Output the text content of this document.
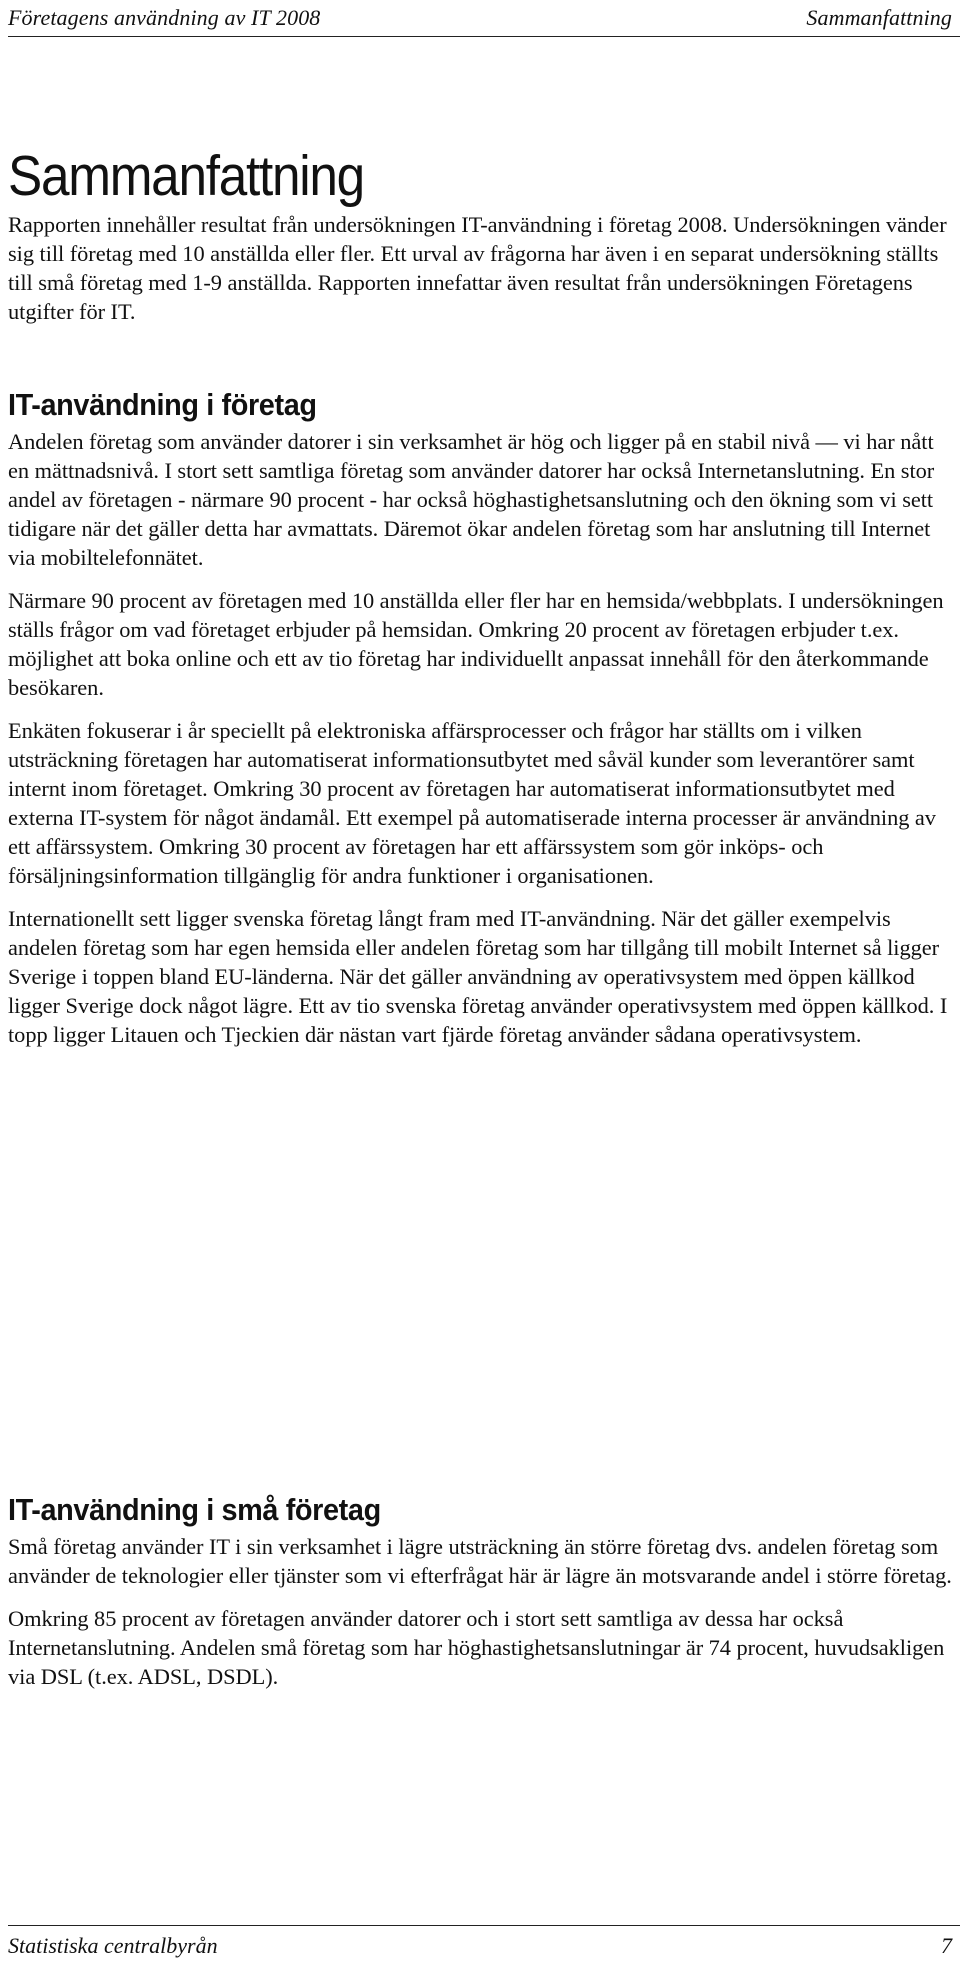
Företagens användning av IT 2008	Sammanfattning
Sammanfattning

Rapporten innehåller resultat från undersökningen IT-användning i företag 2008. Undersökningen vänder sig till företag med 10 anställda eller fler. Ett urval av frågorna har även i en separat undersökning ställts till små företag med 1-9 anställda. Rapporten innefattar även resultat från undersökningen Företagens utgifter för IT.

IT-användning i företag

Andelen företag som använder datorer i sin verksamhet är hög och ligger på en stabil nivå — vi har nått en mättnadsnivå. I stort sett samtliga företag som använder datorer har också Internetanslutning. En stor andel av företagen - närmare 90 procent - har också höghastighetsanslutning och den ökning som vi sett tidigare när det gäller detta har avmattats. Däremot ökar andelen företag som har anslutning till Internet via mobiltelefonnätet.

Närmare 90 procent av företagen med 10 anställda eller fler har en hemsida/webbplats. I undersökningen ställs frågor om vad företaget erbjuder på hemsidan. Omkring 20 procent av företagen erbjuder t.ex. möjlighet att boka online och ett av tio företag har individuellt anpassat innehåll för den återkommande besökaren.

Enkäten fokuserar i år speciellt på elektroniska affärsprocesser och frågor har ställts om i vilken utsträckning företagen har automatiserat informationsutbytet med såväl kunder som leverantörer samt internt inom företaget. Omkring 30 procent av företagen har automatiserat informationsutbytet med externa IT-system för något ändamål. Ett exempel på automatiserade interna processer är användning av ett affärssystem. Omkring 30 procent av företagen har ett affärssystem som gör inköps- och försäljningsinformation tillgänglig för andra funktioner i organisationen.

Internationellt sett ligger svenska företag långt fram med IT-användning. När det gäller exempelvis andelen företag som har egen hemsida eller andelen företag som har tillgång till mobilt Internet så ligger Sverige i toppen bland EU-länderna. När det gäller användning av operativsystem med öppen källkod ligger Sverige dock något lägre. Ett av tio svenska företag använder operativsystem med öppen källkod. I topp ligger Litauen och Tjeckien där nästan vart fjärde företag använder sådana operativsystem.

IT-användning i små företag

Små företag använder IT i sin verksamhet i lägre utsträckning än större företag dvs. andelen företag som använder de teknologier eller tjänster som vi efterfrågat här är lägre än motsvarande andel i större företag.

Omkring 85 procent av företagen använder datorer och i stort sett samtliga av dessa har också Internetanslutning. Andelen små företag som har höghastighetsanslutningar är 74 procent, huvudsakligen via DSL (t.ex. ADSL, DSDL).

Statistiska centralbyrån	7
